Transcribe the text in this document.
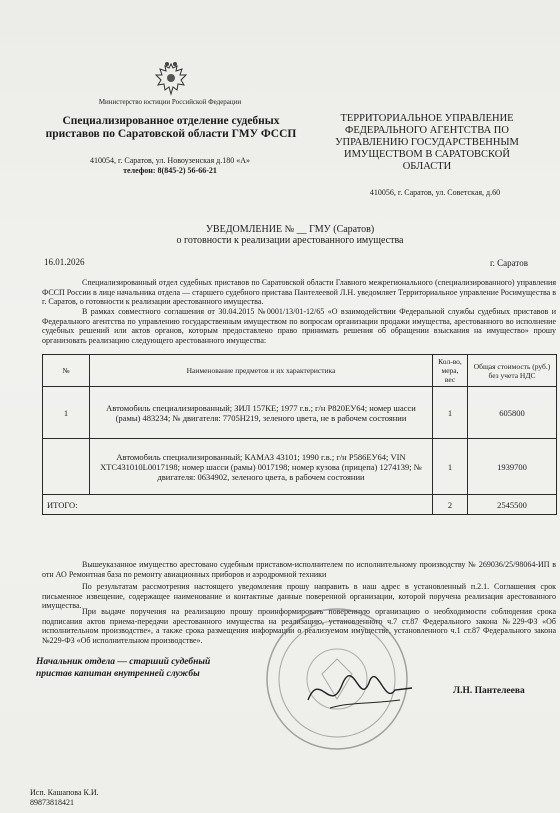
Министерство юстиции Российской Федерации
Специализированное отделение судебных приставов по Саратовской области ГМУ ФССП
410054, г. Саратов, ул. Новоузенская д.180 «А»
телефон: 8(845-2) 56-66-21
ТЕРРИТОРИАЛЬНОЕ УПРАВЛЕНИЕ ФЕДЕРАЛЬНОГО АГЕНТСТВА ПО УПРАВЛЕНИЮ ГОСУДАРСТВЕННЫМ ИМУЩЕСТВОМ В САРАТОВСКОЙ ОБЛАСТИ
410056, г. Саратов, ул. Советская, д.60
УВЕДОМЛЕНИЕ № __ ГМУ (Саратов)
о готовности к реализации арестованного имущества
16.01.2026	г. Саратов
Специализированный отдел судебных приставов по Саратовской области Главного межрегионального (специализированного) управления ФССП России в лице начальника отдела — старшего судебного пристава Пантелеевой Л.Н. уведомляет Территориальное управление Росимущества в г. Саратов, о готовности к реализации арестованного имущества.
В рамках совместного соглашения от 30.04.2015 №0001/13/01-12/65 «О взаимодействии Федеральной службы судебных приставов и Федерального агентства по управлению государственным имуществом по вопросам организации продажи имущества, арестованного во исполнение судебных решений или актов органов, которым предоставлено право принимать решения об обращении взыскания на имущество» прошу организовать реализацию следующего арестованного имущества:
№	Наименование предметов и их характеристика	Кол-во, мера, вес	Общая стоимость (руб.) без учета НДС
1	Автомобиль специализированный; ЗИЛ 157КЕ; 1977 г.в.; г/н Р820ЕУ64; номер шасси (рамы) 483234; № двигателя: 7705H219, зеленого цвета, не в рабочем состоянии	1	605800
	Автомобиль специализированный; КАМАЗ 43101; 1990 г.в.; г/н Р586ЕУ64; VIN ХТС431010L0017198; номер шасси (рамы) 0017198; номер кузова (прицепа) 1274139; № двигателя: 0634902, зеленого цвета, в рабочем состоянии	1	1939700
ИТОГО:		2	2545500
Вышеуказанное имущество арестовано судебным приставом-исполнителем по исполнительному производству № 269036/25/98064-ИП в отн АО Ремонтная база по ремонту авиационных приборов и аэродромной техники
По результатам рассмотрения настоящего уведомления прошу направить в наш адрес в установленный п.2.1. Соглашения срок письменное извещение, содержащее наименование и контактные данные поверенной организации, которой поручена реализация арестованного имущества.
При выдаче поручения на реализацию прошу проинформировать поверенную организацию о необходимости соблюдения срока подписания актов приема-передачи арестованного имущества на реализацию, установленного ч.7 ст.87 Федерального закона №229-ФЗ «Об исполнительном производстве», а также срока размещения информации о реализуемом имуществе, установленного ч.1 ст.87 Федерального закона №229-ФЗ «Об исполнительном производстве».
Начальник отдела — старший судебный пристав капитан внутренней службы
Л.Н. Пантелеева
Исп. Кашапова К.И.
89873818421
